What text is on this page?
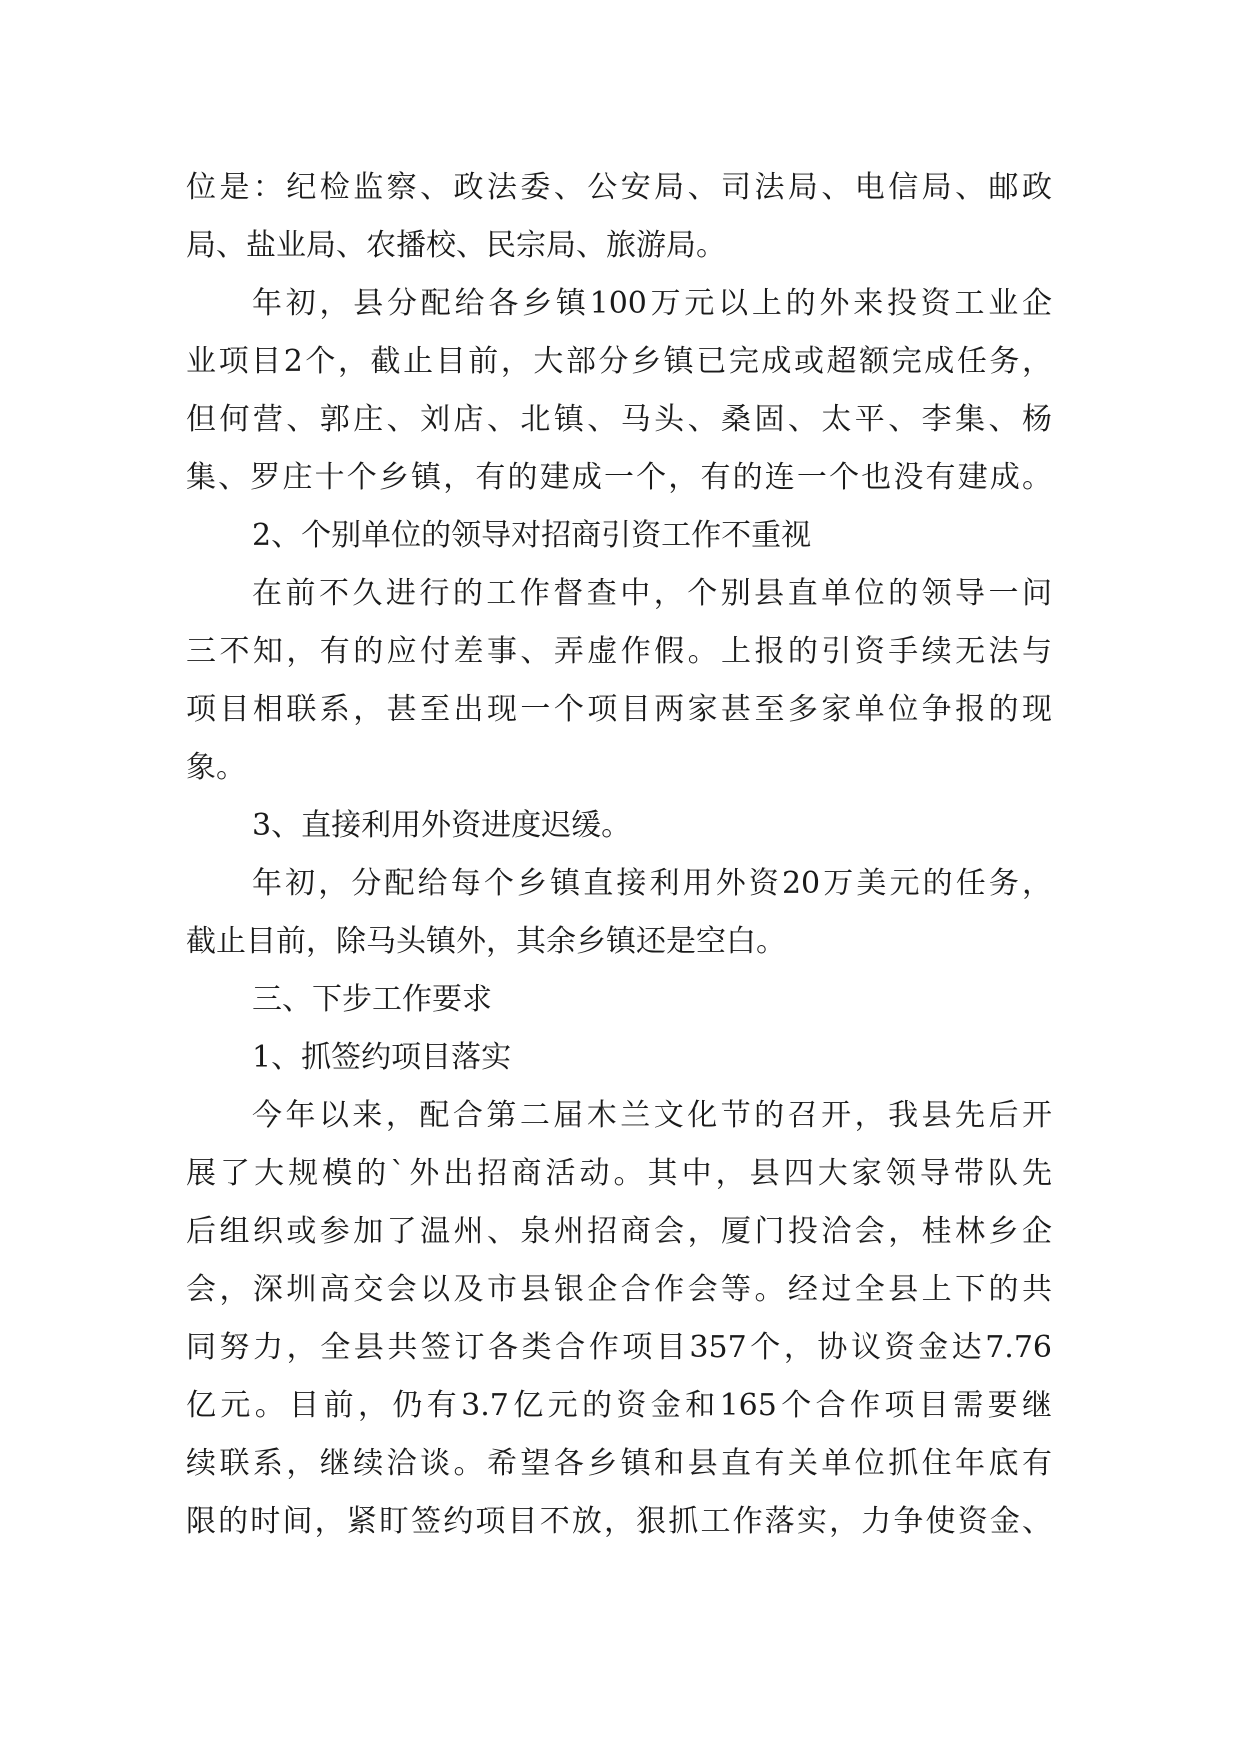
位是：纪检监察、政法委、公安局、司法局、电信局、邮政

局、盐业局、农播校、民宗局、旅游局。

年初，县分配给各乡镇100万元以上的外来投资工业企

业项目2个，截止目前，大部分乡镇已完成或超额完成任务，

但何营、郭庄、刘店、北镇、马头、桑固、太平、李集、杨

集、罗庄十个乡镇，有的建成一个，有的连一个也没有建成。

2、个别单位的领导对招商引资工作不重视

在前不久进行的工作督查中，个别县直单位的领导一问

三不知，有的应付差事、弄虚作假。上报的引资手续无法与

项目相联系，甚至出现一个项目两家甚至多家单位争报的现

象。

3、直接利用外资进度迟缓。

年初，分配给每个乡镇直接利用外资20万美元的任务，

截止目前，除马头镇外，其余乡镇还是空白。

三、下步工作要求

1、抓签约项目落实

今年以来，配合第二届木兰文化节的召开，我县先后开

展了大规模的`外出招商活动。其中，县四大家领导带队先

后组织或参加了温州、泉州招商会，厦门投洽会，桂林乡企

会，深圳高交会以及市县银企合作会等。经过全县上下的共

同努力，全县共签订各类合作项目357个，协议资金达7.76

亿元。目前，仍有3.7亿元的资金和165个合作项目需要继

续联系，继续洽谈。希望各乡镇和县直有关单位抓住年底有

限的时间，紧盯签约项目不放，狠抓工作落实，力争使资金、
